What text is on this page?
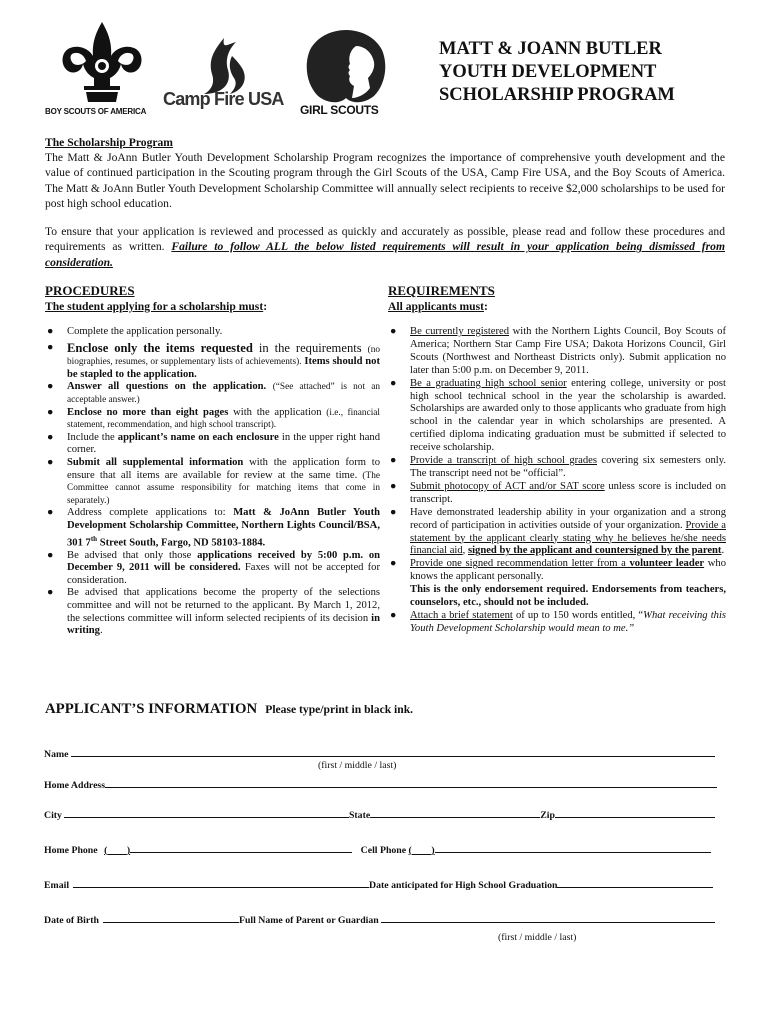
BOY SCOUTS OF AMERICA
Camp Fire USA
GIRL SCOUTS
MATT & JOANN BUTLER
YOUTH DEVELOPMENT
SCHOLARSHIP PROGRAM
The Scholarship Program
The Matt & JoAnn Butler Youth Development Scholarship Program recognizes the importance of comprehensive youth development and the value of continued participation in the Scouting program through the Girl Scouts of the USA, Camp Fire USA, and the Boy Scouts of America. The Matt & JoAnn Butler Youth Development Scholarship Committee will annually select recipients to receive $2,000 scholarships to be used for post high school education.
To ensure that your application is reviewed and processed as quickly and accurately as possible, please read and follow these procedures and requirements as written. Failure to follow ALL the below listed requirements will result in your application being dismissed from consideration.
PROCEDURES
The student applying for a scholarship must:
● Complete the application personally.
● Enclose only the items requested in the requirements (no biographies, resumes, or supplementary lists of achievements). Items should not be stapled to the application.
● Answer all questions on the application. (“See attached” is not an acceptable answer.)
● Enclose no more than eight pages with the application (i.e., financial statement, recommendation, and high school transcript).
● Include the applicant’s name on each enclosure in the upper right hand corner.
● Submit all supplemental information with the application form to ensure that all items are available for review at the same time. (The Committee cannot assume responsibility for matching items that come in separately.)
● Address complete applications to: Matt & JoAnn Butler Youth Development Scholarship Committee, Northern Lights Council/BSA, 301 7th Street South, Fargo, ND 58103-1884.
● Be advised that only those applications received by 5:00 p.m. on December 9, 2011 will be considered. Faxes will not be accepted for consideration.
● Be advised that applications become the property of the selections committee and will not be returned to the applicant. By March 1, 2012, the selections committee will inform selected recipients of its decision in writing.
REQUIREMENTS
All applicants must:
● Be currently registered with the Northern Lights Council, Boy Scouts of America; Northern Star Camp Fire USA; Dakota Horizons Council, Girl Scouts (Northwest and Northeast Districts only). Submit application no later than 5:00 p.m. on December 9, 2011.
● Be a graduating high school senior entering college, university or post high school technical school in the year the scholarship is awarded. Scholarships are awarded only to those applicants who graduate from high school in the calendar year in which scholarships are presented. A certified diploma indicating graduation must be submitted if selected to receive scholarship.
● Provide a transcript of high school grades covering six semesters only. The transcript need not be “official”.
● Submit photocopy of ACT and/or SAT score unless score is included on transcript.
● Have demonstrated leadership ability in your organization and a strong record of participation in activities outside of your organization. Provide a statement by the applicant clearly stating why he believes he/she needs financial aid, signed by the applicant and countersigned by the parent.
● Provide one signed recommendation letter from a volunteer leader who knows the applicant personally.
This is the only endorsement required. Endorsements from teachers, counselors, etc., should not be included.
● Attach a brief statement of up to 150 words entitled, “What receiving this Youth Development Scholarship would mean to me.”
APPLICANT’S INFORMATION Please type/print in black ink.
Name
(first / middle / last)
Home Address
City	State	Zip
Home Phone ( )	Cell Phone ( )
Email	Date anticipated for High School Graduation
Date of Birth	Full Name of Parent or Guardian
(first / middle / last)
